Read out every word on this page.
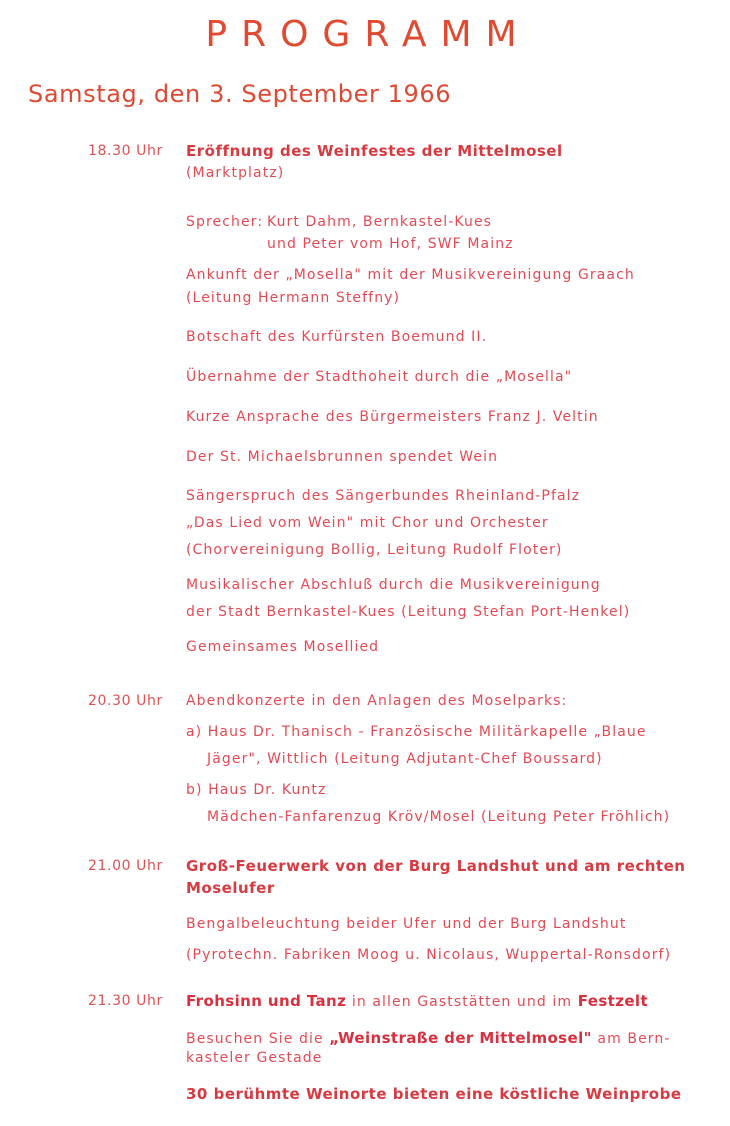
PROGRAMM
Samstag, den 3. September 1966
18.30 Uhr Eröffnung des Weinfestes der Mittelmosel
(Marktplatz)
Sprecher: Kurt Dahm, Bernkastel-Kues
und Peter vom Hof, SWF Mainz
Ankunft der „Mosella" mit der Musikvereinigung Graach
(Leitung Hermann Steffny)
Botschaft des Kurfürsten Boemund II.
Übernahme der Stadthoheit durch die „Mosella"
Kurze Ansprache des Bürgermeisters Franz J. Veltin
Der St. Michaelsbrunnen spendet Wein
Sängerspruch des Sängerbundes Rheinland-Pfalz
„Das Lied vom Wein" mit Chor und Orchester
(Chorvereinigung Bollig, Leitung Rudolf Floter)
Musikalischer Abschluß durch die Musikvereinigung
der Stadt Bernkastel-Kues (Leitung Stefan Port-Henkel)
Gemeinsames Mosellied
20.30 Uhr Abendkonzerte in den Anlagen des Moselparks:
a) Haus Dr. Thanisch - Französische Militärkapelle „Blaue
Jäger", Wittlich (Leitung Adjutant-Chef Boussard)
b) Haus Dr. Kuntz
Mädchen-Fanfarenzug Kröv/Mosel (Leitung Peter Fröhlich)
21.00 Uhr Groß-Feuerwerk von der Burg Landshut und am rechten
Moselufer
Bengalbeleuchtung beider Ufer und der Burg Landshut
(Pyrotechn. Fabriken Moog u. Nicolaus, Wuppertal-Ronsdorf)
21.30 Uhr Frohsinn und Tanz in allen Gaststätten und im Festzelt
Besuchen Sie die „Weinstraße der Mittelmosel" am Bern-
kasteler Gestade
30 berühmte Weinorte bieten eine köstliche Weinprobe
